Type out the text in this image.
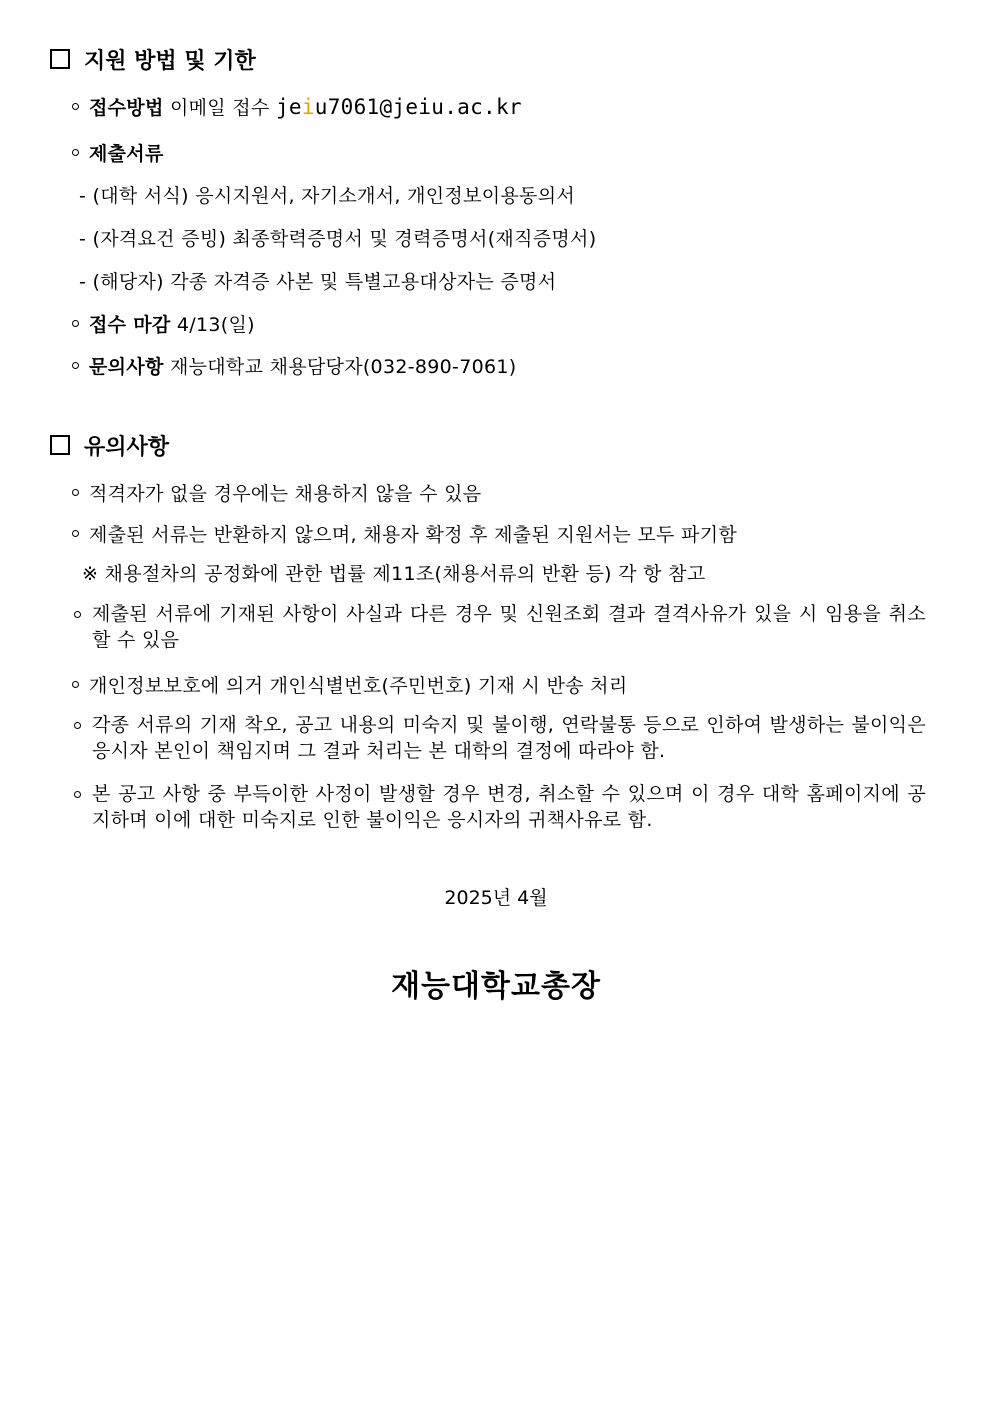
지원 방법 및 기한
접수방법 이메일 접수 jeiu7061@jeiu.ac.kr
제출서류
- (대학 서식) 응시지원서, 자기소개서, 개인정보이용동의서
- (자격요건 증빙) 최종학력증명서 및 경력증명서(재직증명서)
- (해당자) 각종 자격증 사본 및 특별고용대상자는 증명서
접수 마감 4/13(일)
문의사항 재능대학교 채용담당자(032-890-7061)
유의사항
적격자가 없을 경우에는 채용하지 않을 수 있음
제출된 서류는 반환하지 않으며, 채용자 확정 후 제출된 지원서는 모두 파기함
※ 채용절차의 공정화에 관한 법률 제11조(채용서류의 반환 등) 각 항 참고
제출된 서류에 기재된 사항이 사실과 다른 경우 및 신원조회 결과 결격사유가 있을 시 임용을 취소할 수 있음
개인정보보호에 의거 개인식별번호(주민번호) 기재 시 반송 처리
각종 서류의 기재 착오, 공고 내용의 미숙지 및 불이행, 연락불통 등으로 인하여 발생하는 불이익은 응시자 본인이 책임지며 그 결과 처리는 본 대학의 결정에 따라야 함.
본 공고 사항 중 부득이한 사정이 발생할 경우 변경, 취소할 수 있으며 이 경우 대학 홈페이지에 공지하며 이에 대한 미숙지로 인한 불이익은 응시자의 귀책사유로 함.
2025년 4월
재능대학교총장
